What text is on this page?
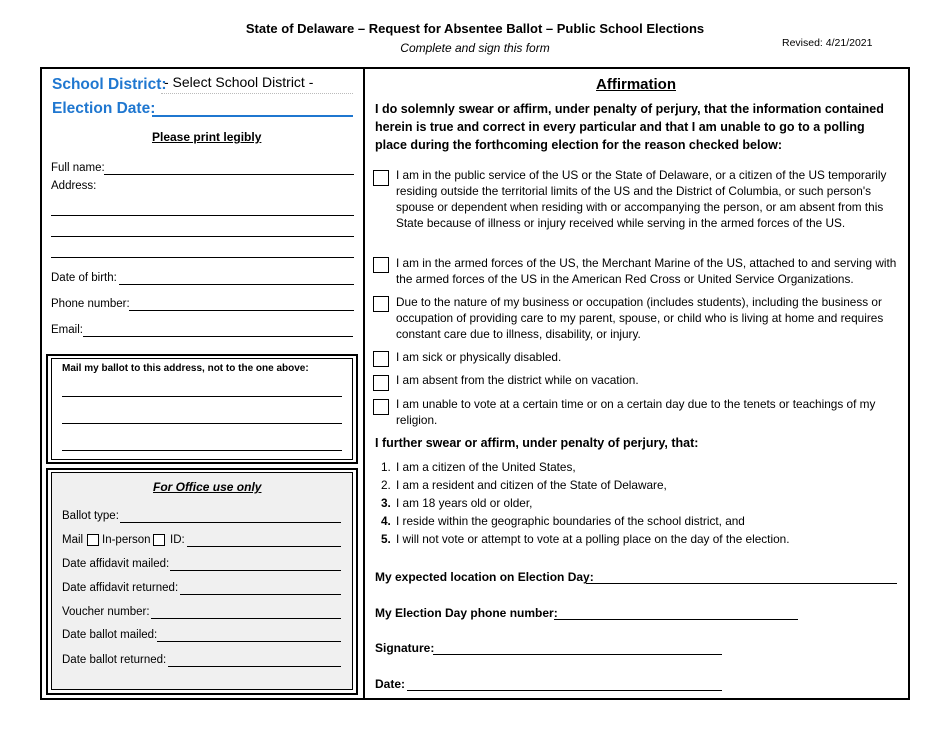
State of Delaware – Request for Absentee Ballot – Public School Elections
Complete and sign this form	Revised: 4/21/2021
School District:
- Select School District -
Election Date:
Please print legibly
Full name:
Address:
Date of birth:
Phone number:
Email:
Mail my ballot to this address, not to the one above:
For Office use only
Ballot type:
Mail In-person ID:
Date affidavit mailed:
Date affidavit returned:
Voucher number:
Date ballot mailed:
Date ballot returned:
Affirmation
I do solemnly swear or affirm, under penalty of perjury, that the information contained herein is true and correct in every particular and that I am unable to go to a polling place during the forthcoming election for the reason checked below:
I am in the public service of the US or the State of Delaware, or a citizen of the US temporarily residing outside the territorial limits of the US and the District of Columbia, or such person's spouse or dependent when residing with or accompanying the person, or am absent from this State because of illness or injury received while serving in the armed forces of the US.
I am in the armed forces of the US, the Merchant Marine of the US, attached to and serving with the armed forces of the US in the American Red Cross or United Service Organizations.
Due to the nature of my business or occupation (includes students), including the business or occupation of providing care to my parent, spouse, or child who is living at home and requires constant care due to illness, disability, or injury.
I am sick or physically disabled.
I am absent from the district while on vacation.
I am unable to vote at a certain time or on a certain day due to the tenets or teachings of my religion.
I further swear or affirm, under penalty of perjury, that:
1. I am a citizen of the United States,
2. I am a resident and citizen of the State of Delaware,
3. I am 18 years old or older,
4. I reside within the geographic boundaries of the school district, and
5. I will not vote or attempt to vote at a polling place on the day of the election.
My expected location on Election Day:
My Election Day phone number:
Signature:
Date:
